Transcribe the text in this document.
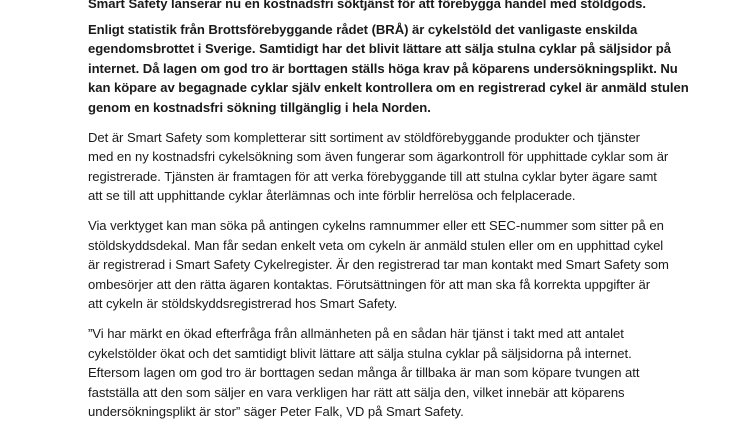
Smart Safety lanserar nu en kostnadsfri söktjänst för att förebygga handel med stöldgods.

Enligt statistik från Brottsförebyggande rådet (BRÅ) är cykelstöld det vanligaste enskilda
egendomsbrottet i Sverige. Samtidigt har det blivit lättare att sälja stulna cyklar på säljsidor på
internet. Då lagen om god tro är borttagen ställs höga krav på köparens undersökningsplikt. Nu
kan köpare av begagnade cyklar själv enkelt kontrollera om en registrerad cykel är anmäld stulen
genom en kostnadsfri sökning tillgänglig i hela Norden.

Det är Smart Safety som kompletterar sitt sortiment av stöldförebyggande produkter och tjänster
med en ny kostnadsfri cykelsökning som även fungerar som ägarkontroll för upphittade cyklar som är
registrerade. Tjänsten är framtagen för att verka förebyggande till att stulna cyklar byter ägare samt
att se till att upphittande cyklar återlämnas och inte förblir herrelösa och felplacerade.

Via verktyget kan man söka på antingen cykelns ramnummer eller ett SEC-nummer som sitter på en
stöldskyddsdekal. Man får sedan enkelt veta om cykeln är anmäld stulen eller om en upphittad cykel
är registrerad i Smart Safety Cykelregister. Är den registrerad tar man kontakt med Smart Safety som
ombesörjer att den rätta ägaren kontaktas. Förutsättningen för att man ska få korrekta uppgifter är
att cykeln är stöldskyddsregistrerad hos Smart Safety.

”Vi har märkt en ökad efterfråga från allmänheten på en sådan här tjänst i takt med att antalet
cykelstölder ökat och det samtidigt blivit lättare att sälja stulna cyklar på säljsidorna på internet.
Eftersom lagen om god tro är borttagen sedan många år tillbaka är man som köpare tvungen att
fastställa att den som säljer en vara verkligen har rätt att sälja den, vilket innebär att köparens
undersökningsplikt är stor” säger Peter Falk, VD på Smart Safety.
